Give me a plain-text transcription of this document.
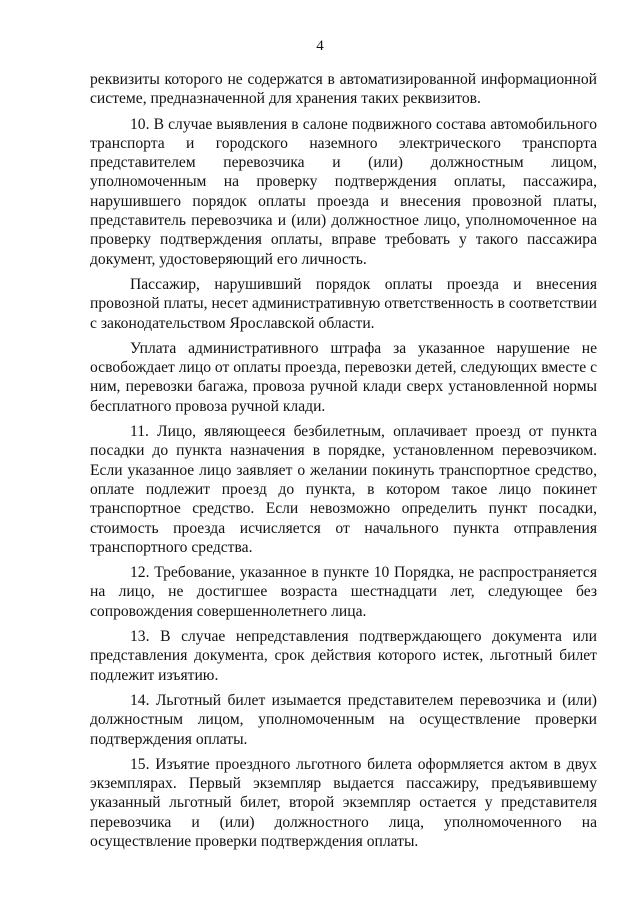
4

реквизиты которого не содержатся в автоматизированной информационной системе, предназначенной для хранения таких реквизитов.

10. В случае выявления в салоне подвижного состава автомобильного транспорта и городского наземного электрического транспорта представителем перевозчика и (или) должностным лицом, уполномоченным на проверку подтверждения оплаты, пассажира, нарушившего порядок оплаты проезда и внесения провозной платы, представитель перевозчика и (или) должностное лицо, уполномоченное на проверку подтверждения оплаты, вправе требовать у такого пассажира документ, удостоверяющий его личность.

Пассажир, нарушивший порядок оплаты проезда и внесения провозной платы, несет административную ответственность в соответствии с законодательством Ярославской области.

Уплата административного штрафа за указанное нарушение не освобождает лицо от оплаты проезда, перевозки детей, следующих вместе с ним, перевозки багажа, провоза ручной клади сверх установленной нормы бесплатного провоза ручной клади.

11. Лицо, являющееся безбилетным, оплачивает проезд от пункта посадки до пункта назначения в порядке, установленном перевозчиком. Если указанное лицо заявляет о желании покинуть транспортное средство, оплате подлежит проезд до пункта, в котором такое лицо покинет транспортное средство. Если невозможно определить пункт посадки, стоимость проезда исчисляется от начального пункта отправления транспортного средства.

12. Требование, указанное в пункте 10 Порядка, не распространяется на лицо, не достигшее возраста шестнадцати лет, следующее без сопровождения совершеннолетнего лица.

13. В случае непредставления подтверждающего документа или представления документа, срок действия которого истек, льготный билет подлежит изъятию.

14. Льготный билет изымается представителем перевозчика и (или) должностным лицом, уполномоченным на осуществление проверки подтверждения оплаты.

15. Изъятие проездного льготного билета оформляется актом в двух экземплярах. Первый экземпляр выдается пассажиру, предъявившему указанный льготный билет, второй экземпляр остается у представителя перевозчика и (или) должностного лица, уполномоченного на осуществление проверки подтверждения оплаты.
